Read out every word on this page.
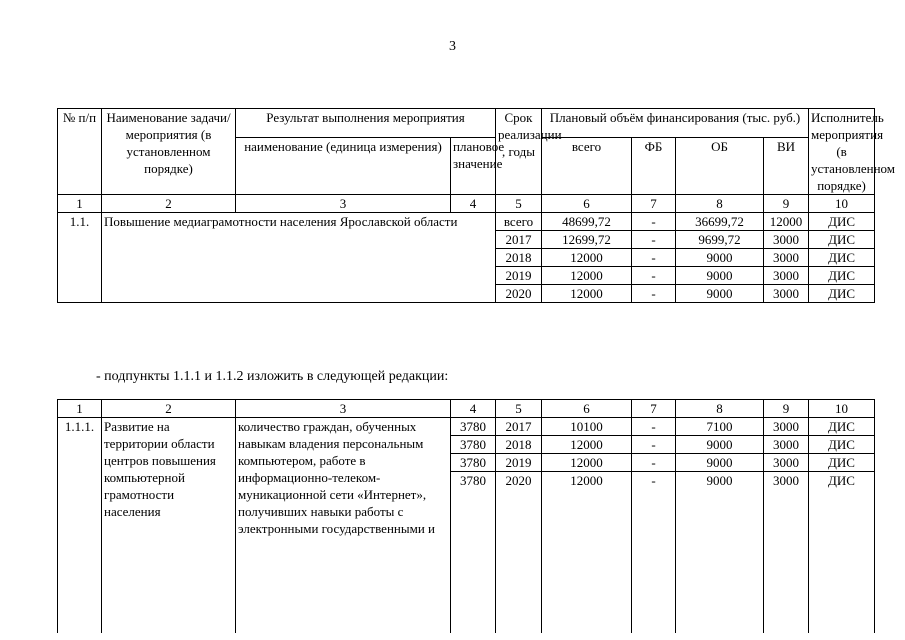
3
№ п/п	Наименование задачи/мероприятия (в установленном порядке)	Результат выполнения мероприятия		Срок реализации , годы	Плановый объём финансирования (тыс. руб.)				Исполнитель мероприятия (в установленном порядке)
		наименование (единица измерения)	плановое значение		всего	ФБ	ОБ	ВИ	
1	2	3	4	5	6	7	8	9	10
1.1.	Повышение медиаграмотности населения Ярославской области			всего	48699,72	-	36699,72	12000	ДИС
				2017	12699,72	-	9699,72	3000	ДИС
				2018	12000	-	9000	3000	ДИС
				2019	12000	-	9000	3000	ДИС
				2020	12000	-	9000	3000	ДИС
- подпункты 1.1.1 и 1.1.2 изложить в следующей редакции:
1	2	3	4	5	6	7	8	9	10
1.1.1.	Развитие на территории области центров повышения компьютерной грамотности населения	количество граждан, обученных навыкам владения персональным компьютером, работе в информационно-телеком-муникационной сети «Интернет», получивших навыки работы с электронными государственными и	3780	2017	10100	-	7100	3000	ДИС
			3780	2018	12000	-	9000	3000	ДИС
			3780	2019	12000	-	9000	3000	ДИС
			3780	2020	12000	-	9000	3000	ДИС
